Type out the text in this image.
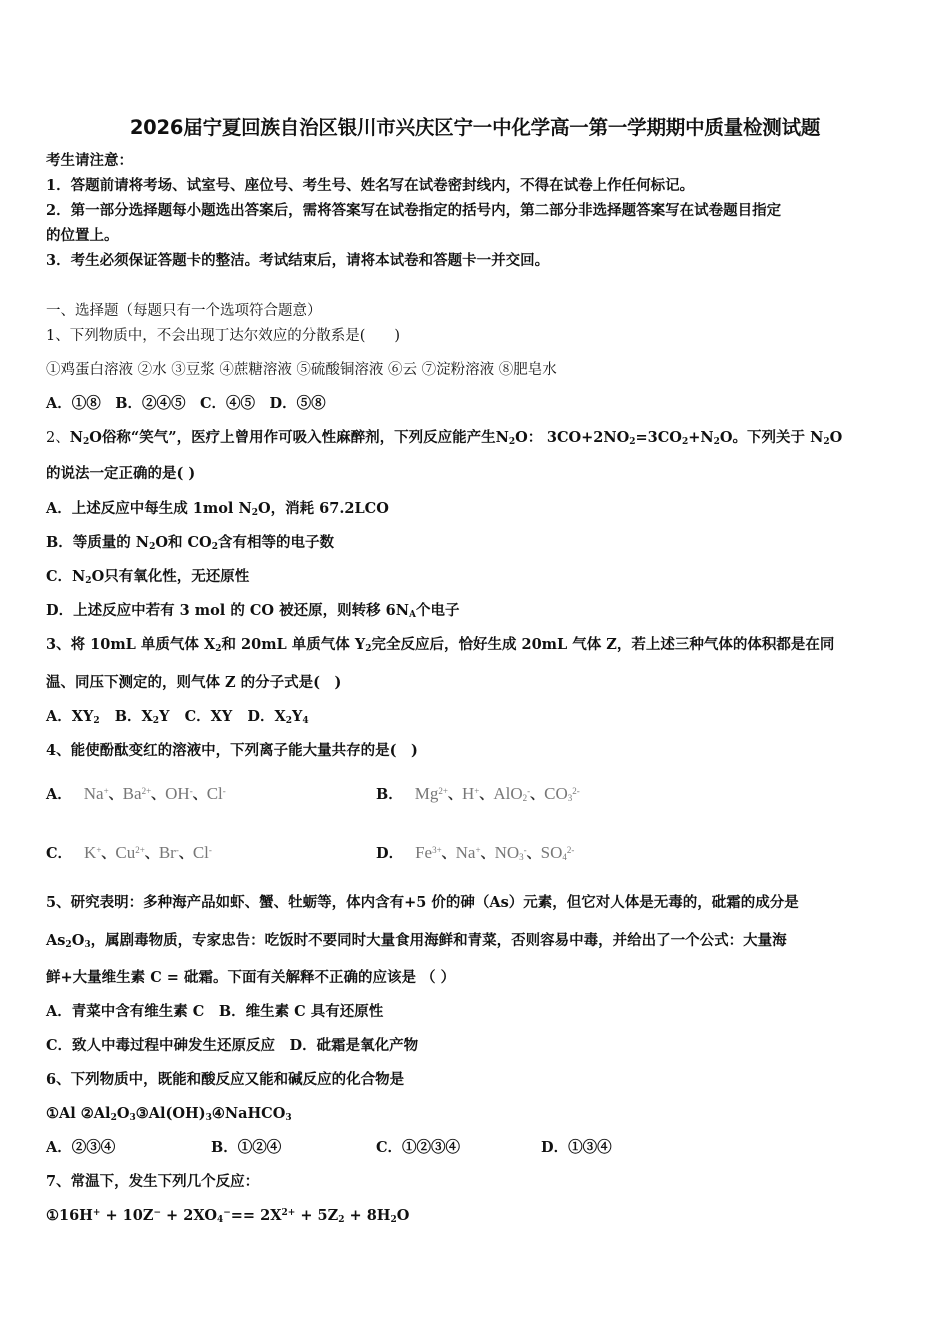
2026届宁夏回族自治区银川市兴庆区宁一中化学高一第一学期期中质量检测试题
考生请注意：
1．答题前请将考场、试室号、座位号、考生号、姓名写在试卷密封线内，不得在试卷上作任何标记。
2．第一部分选择题每小题选出答案后，需将答案写在试卷指定的括号内，第二部分非选择题答案写在试卷题目指定
的位置上。
3．考生必须保证答题卡的整洁。考试结束后，请将本试卷和答题卡一并交回。
一、选择题（每题只有一个选项符合题意）
1、下列物质中，不会出现丁达尔效应的分散系是(　　)
①鸡蛋白溶液 ②水 ③豆浆 ④蔗糖溶液 ⑤硫酸铜溶液 ⑥云 ⑦淀粉溶液 ⑧肥皂水
A．①⑧　B．②④⑤　C．④⑤　D．⑤⑧
2、$N_2O$俗称“笑气”，医疗上曾用作可吸入性麻醉剂，下列反应能产生$N_2O$： $3CO+2NO_2=3CO_2+N_2O$。下列关于 $N_2O$
的说法一定正确的是( )
A．上述反应中每生成 1mol $N_2O$，消耗 67.2LCO
B．等质量的 $N_2O$和 $CO_2$含有相等的电子数
C．$N_2O$只有氧化性，无还原性
D．上述反应中若有 3 mol 的 CO 被还原，则转移 $6N_A$个电子
3、将 10mL 单质气体 $X_2$和 20mL 单质气体 $Y_2$完全反应后，恰好生成 20mL 气体 Z，若上述三种气体的体积都是在同
温、同压下测定的，则气体 Z 的分子式是(　)
A．$XY_2$ B．$X_2Y$ C．XY D．$X_2Y_4$
4、能使酚酞变红的溶液中，下列离子能大量共存的是(　)
A． Na+、$Ba^{2+}$、OH-、Cl-	B． $Mg^{2+}$、H+、AlO$_2$-、$CO_3^{2-}$
C． K+、$Cu^{2+}$、Br-、Cl-	D． $Fe^{3+}$、Na+、$NO_3^-$、$SO_4^{2-}$
5、研究表明：多种海产品如虾、蟹、牡蛎等，体内含有+5 价的砷（As）元素，但它对人体是无毒的，砒霜的成分是
$As_2O_3$，属剧毒物质，专家忠告：吃饭时不要同时大量食用海鲜和青菜，否则容易中毒，并给出了一个公式：大量海
鲜+大量维生素 C = 砒霜。下面有关解释不正确的应该是 （ ）
A．青菜中含有维生素 C　B．维生素 C 具有还原性
C．致人中毒过程中砷发生还原反应　D．砒霜是氧化产物
6、下列物质中，既能和酸反应又能和碱反应的化合物是
①Al $②Al_2O_3③Al(OH)_3④NaHCO_3$
A．②③④	B．①②④	C．①②③④	D．①③④
7、常温下，发生下列几个反应：
①16H+ + $10Z^- + 2XO_4^-== 2X^{2+} + 5Z_2 + 8H_2O$
